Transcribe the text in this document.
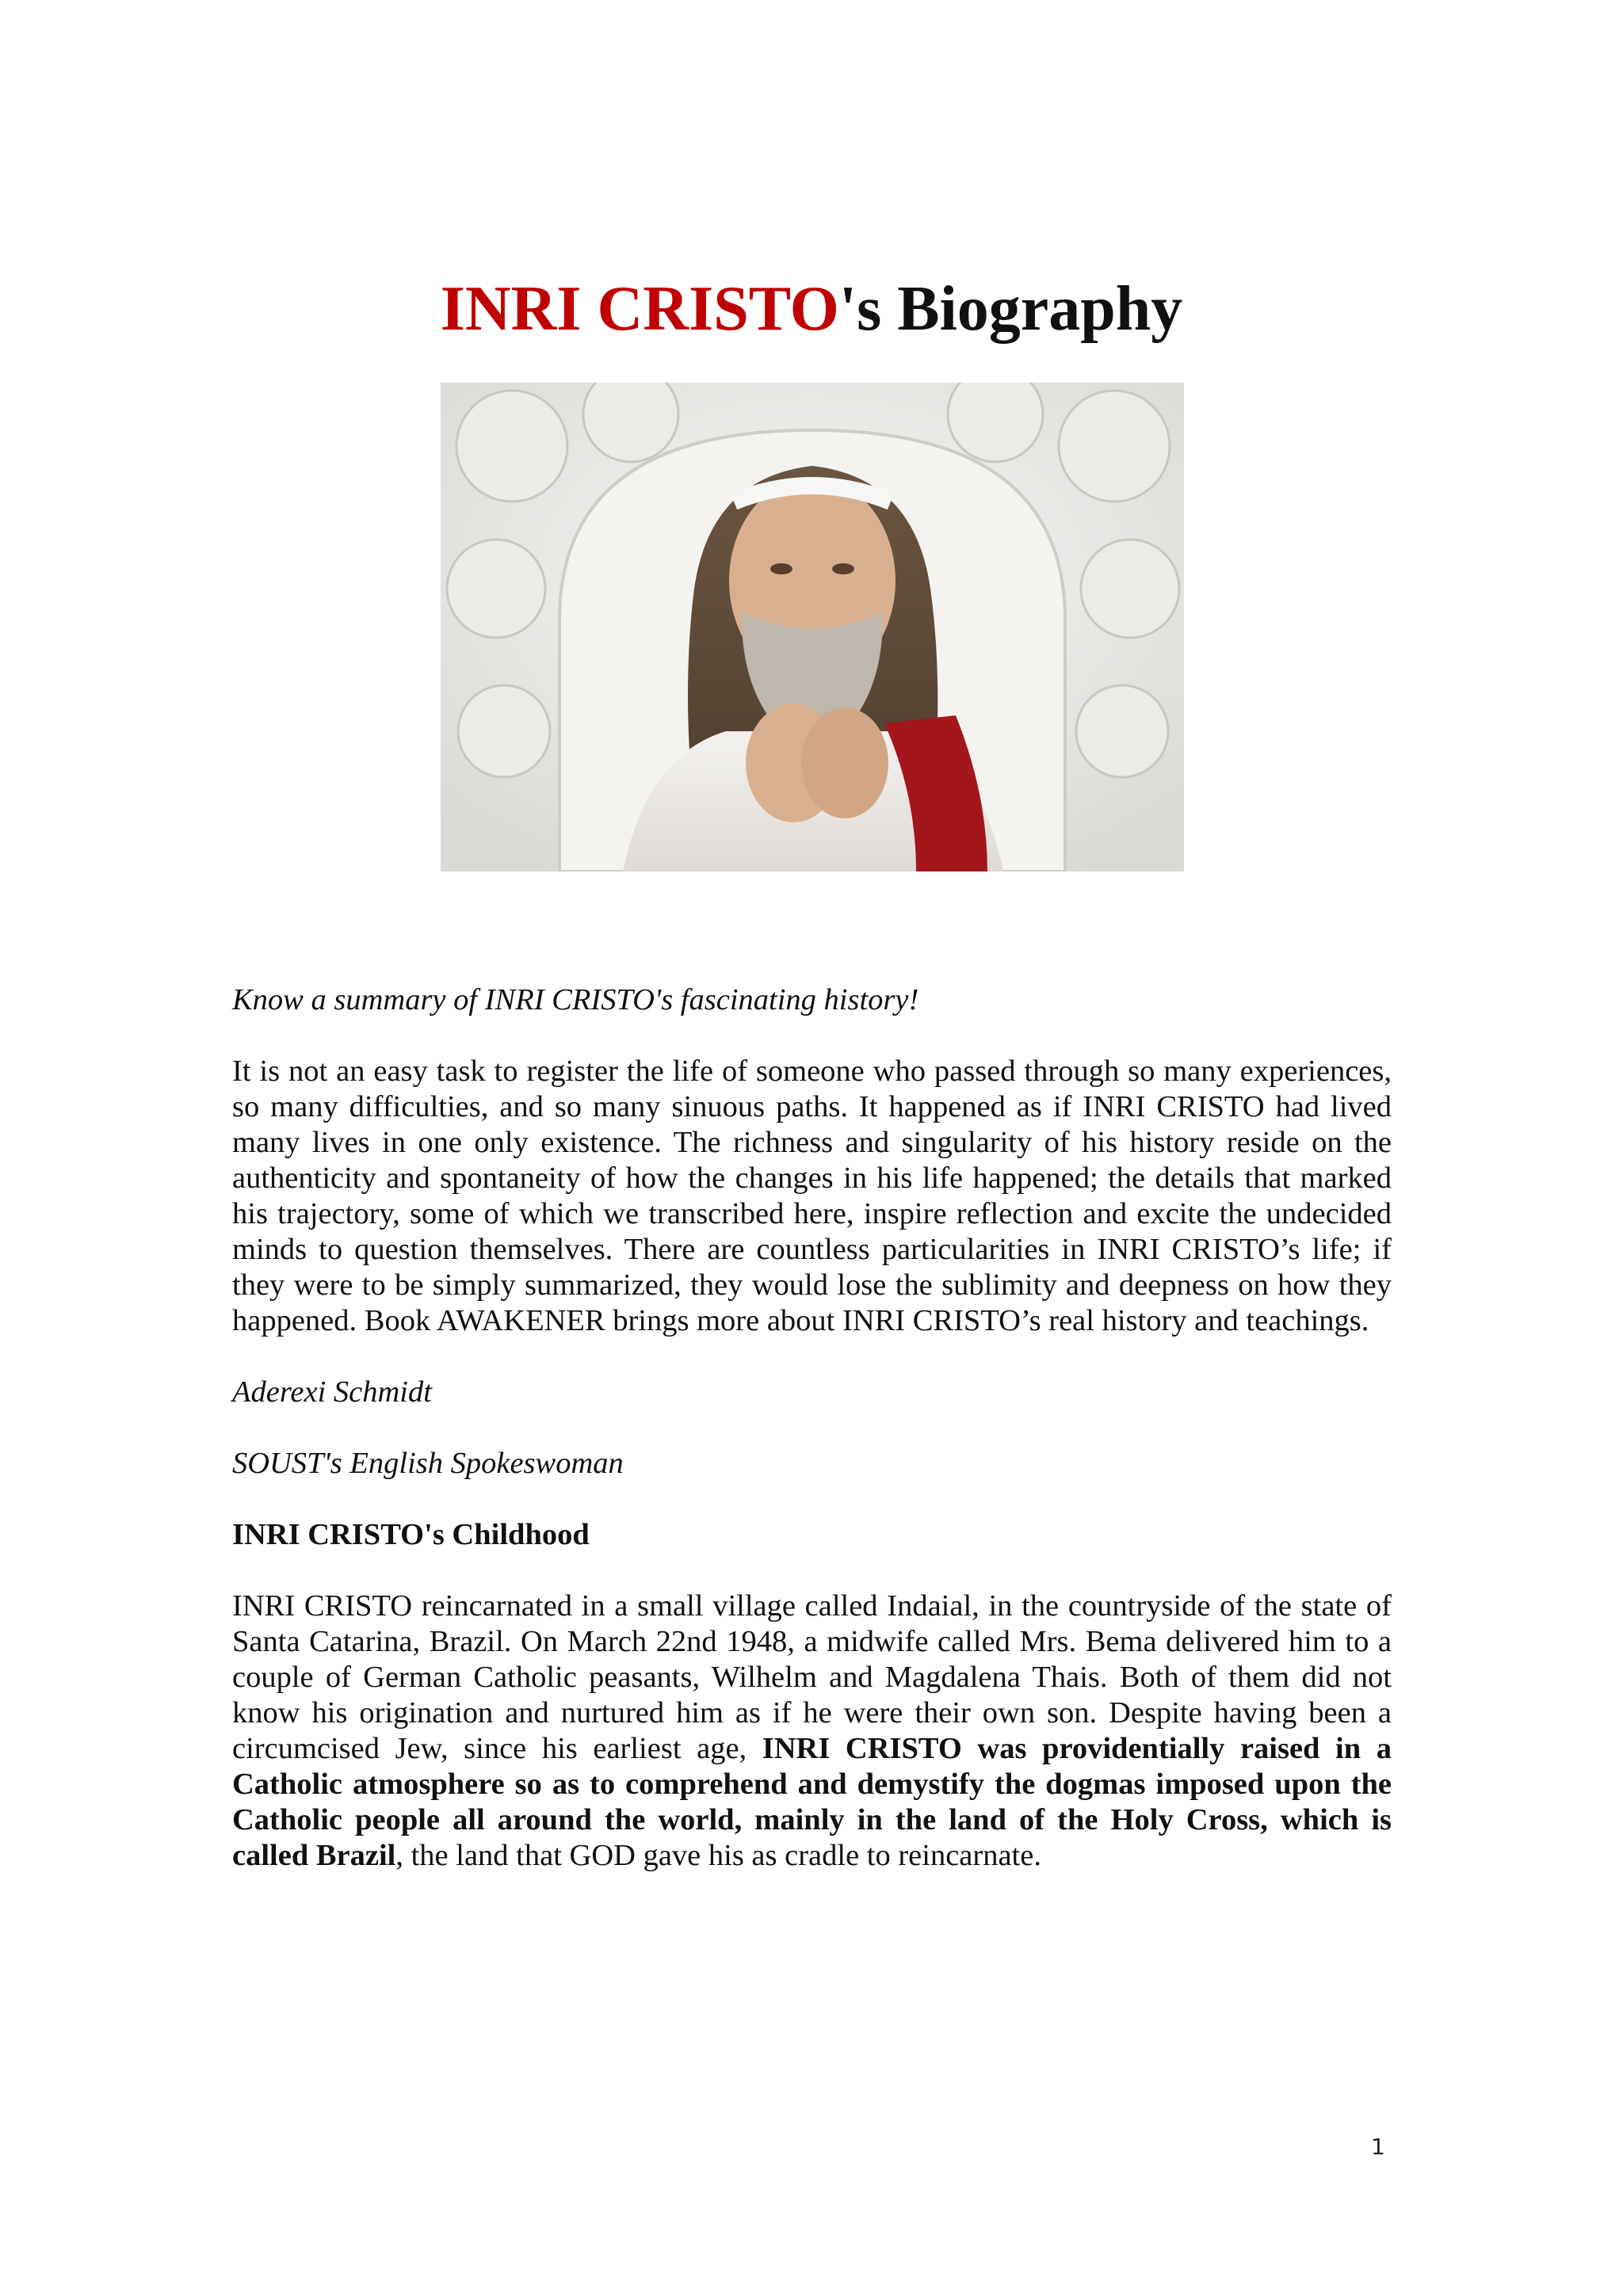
INRI CRISTO's Biography

Know a summary of INRI CRISTO's fascinating history!

It is not an easy task to register the life of someone who passed through so many experiences, so many difficulties, and so many sinuous paths. It happened as if INRI CRISTO had lived many lives in one only existence. The richness and singularity of his history reside on the authenticity and spontaneity of how the changes in his life happened; the details that marked his trajectory, some of which we transcribed here, inspire reflection and excite the undecided minds to question themselves. There are countless particularities in INRI CRISTO’s life; if they were to be simply summarized, they would lose the sublimity and deepness on how they happened. Book AWAKENER brings more about INRI CRISTO’s real history and teachings.

Aderexi Schmidt

SOUST's English Spokeswoman

INRI CRISTO's Childhood

INRI CRISTO reincarnated in a small village called Indaial, in the countryside of the state of Santa Catarina, Brazil. On March 22nd 1948, a midwife called Mrs. Bema delivered him to a couple of German Catholic peasants, Wilhelm and Magdalena Thais. Both of them did not know his origination and nurtured him as if he were their own son. Despite having been a circumcised Jew, since his earliest age, INRI CRISTO was providentially raised in a Catholic atmosphere so as to comprehend and demystify the dogmas imposed upon the Catholic people all around the world, mainly in the land of the Holy Cross, which is called Brazil, the land that GOD gave his as cradle to reincarnate.

1
